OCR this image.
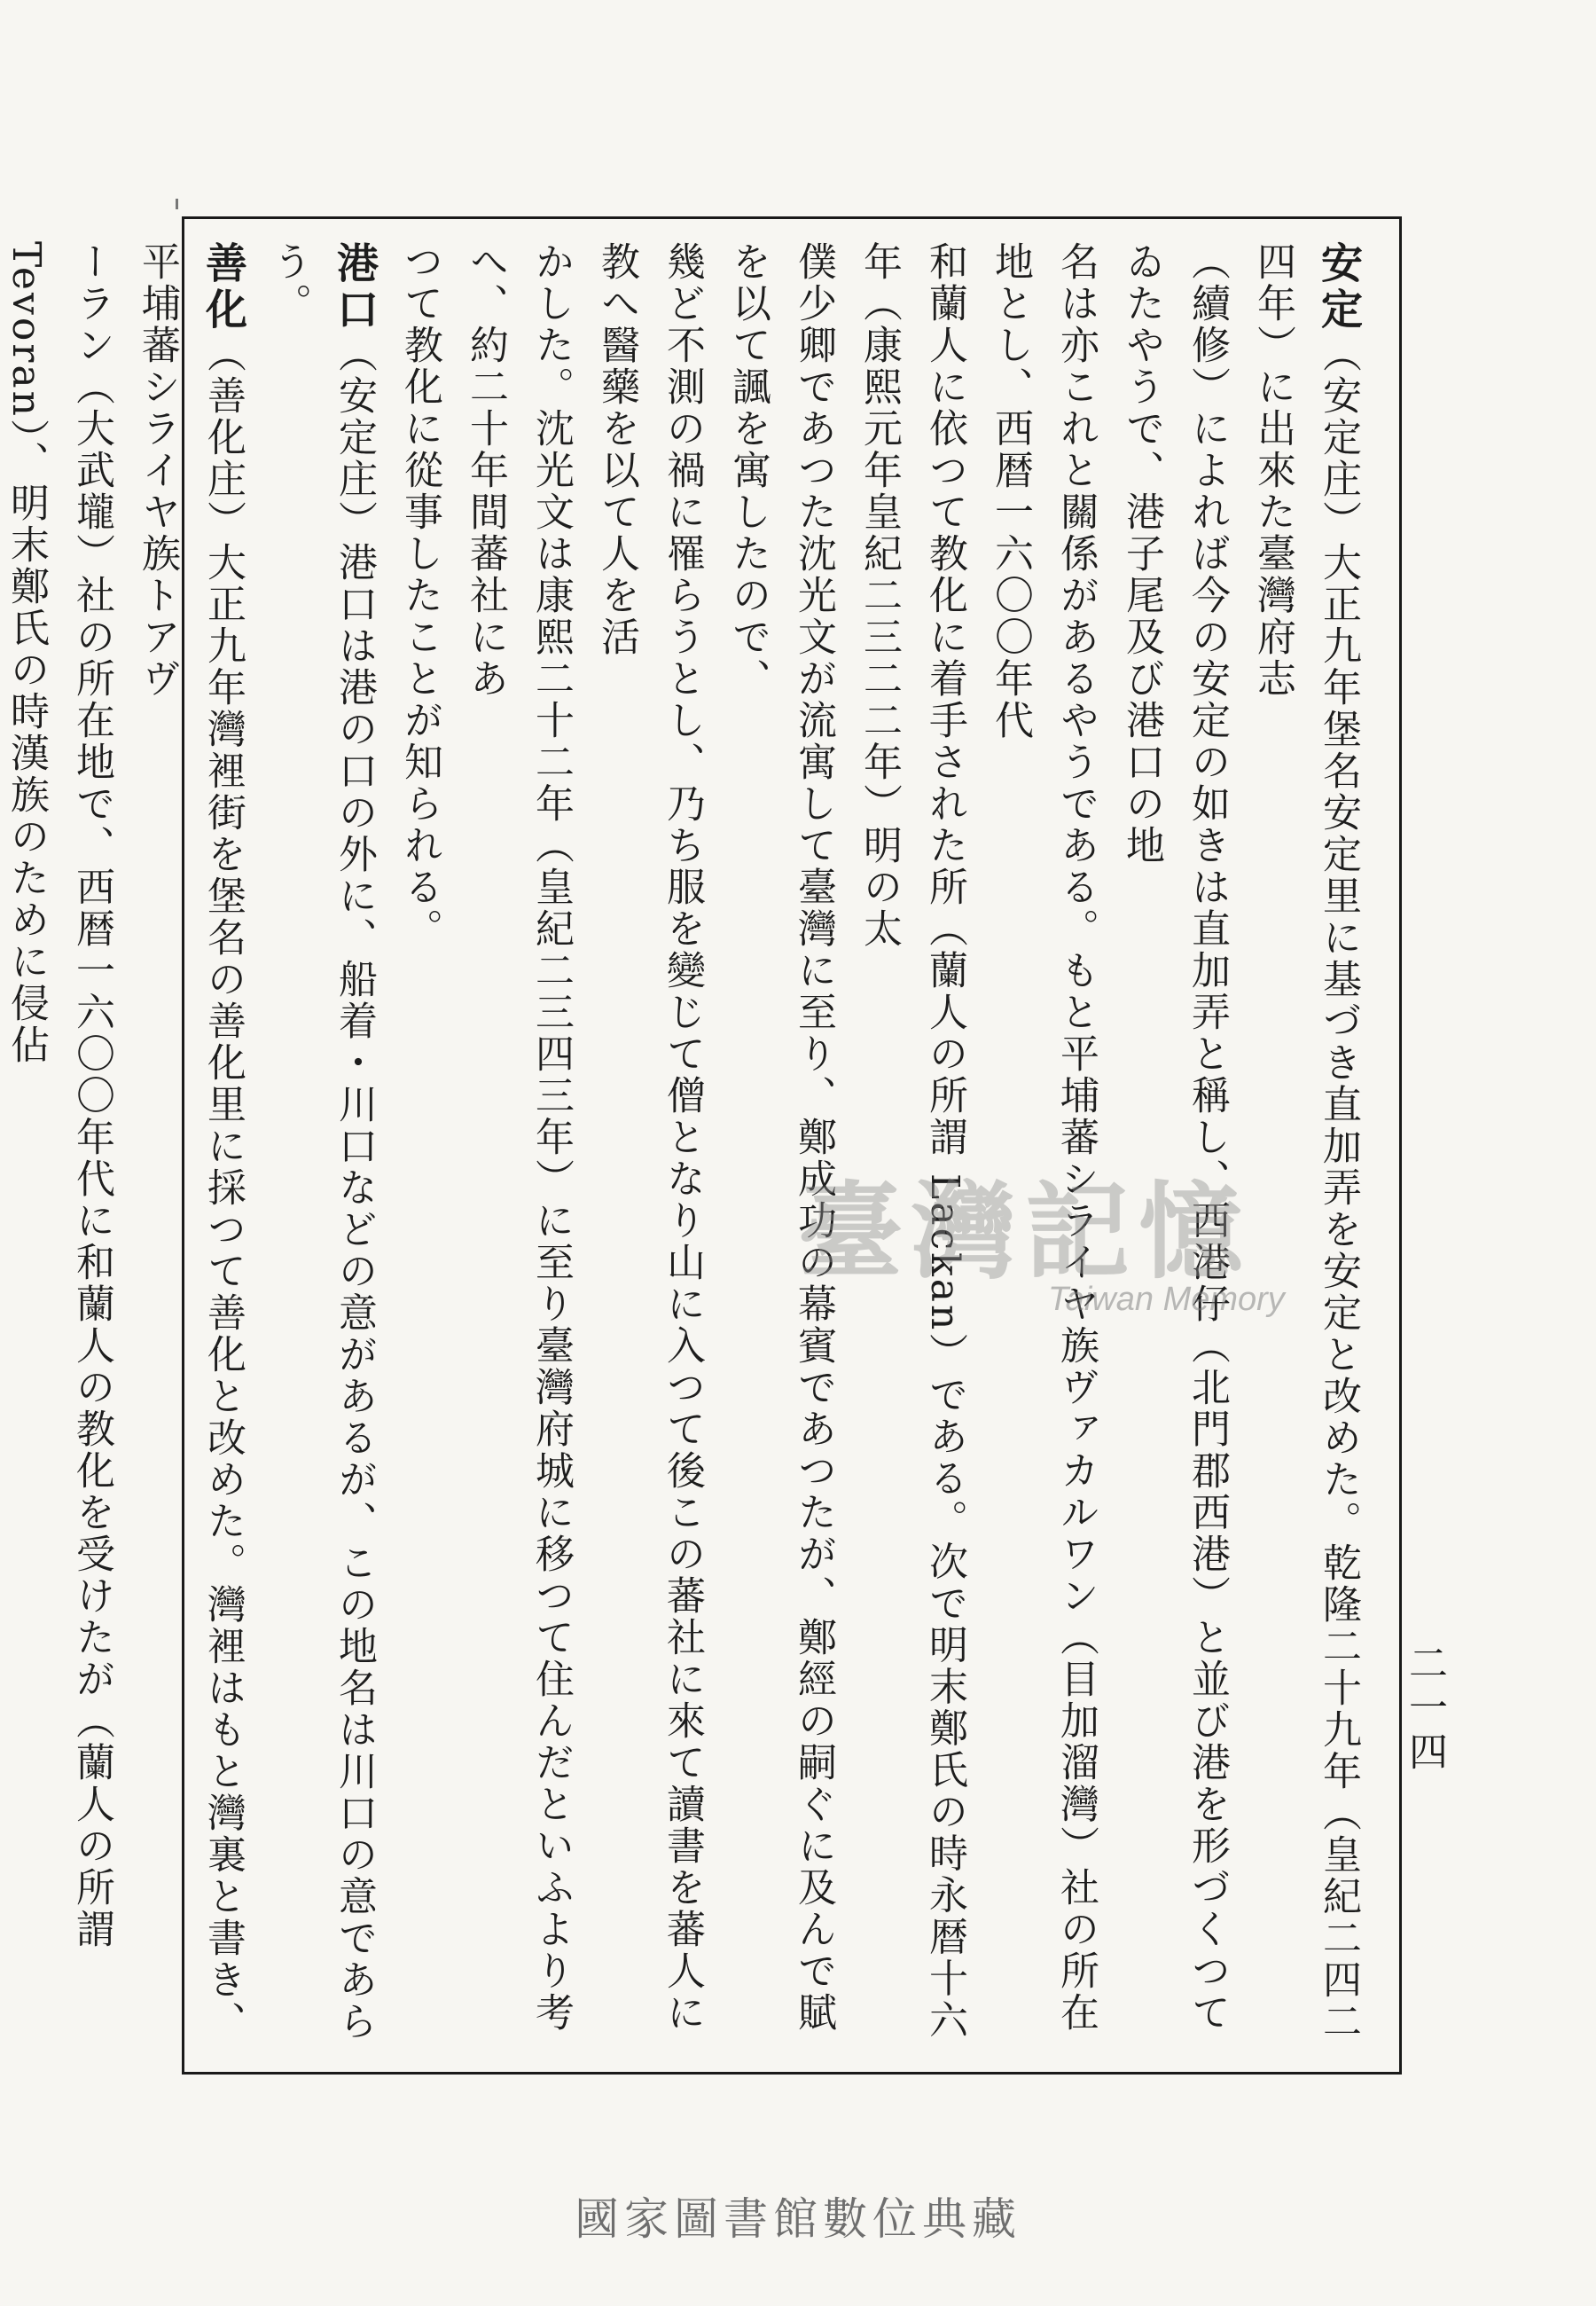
二一四

安定（安定庄）大正九年堡名安定里に基づき直加弄を安定と改めた。乾隆二十九年（皇紀二四二四年）に出來た臺灣府志

（續修）によれば今の安定の如きは直加弄と稱し、西港仔（北門郡西港）と並び港を形づくつてゐたやうで、港子尾及び港口の地

名は亦これと關係があるやうである。もと平埔蕃シライヤ族ヴァカルワン（目加溜灣）社の所在地とし、西暦一六〇〇年代

和蘭人に依つて教化に着手された所（蘭人の所謂 Lackan）である。次で明末鄭氏の時永暦十六年（康熙元年皇紀二三二二年）明の太

僕少卿であつた沈光文が流寓して臺灣に至り、鄭成功の幕賓であつたが、鄭經の嗣ぐに及んで賦を以て諷を寓したので、

幾ど不測の禍に罹らうとし、乃ち服を變じて僧となり山に入つて後この蕃社に來て讀書を蕃人に教へ醫藥を以て人を活

かした。沈光文は康熙二十二年（皇紀二三四三年）に至り臺灣府城に移つて住んだといふより考へ、約二十年間蕃社にあ

つて教化に從事したことが知られる。

港口（安定庄）港口は港の口の外に、船着・川口などの意があるが、この地名は川口の意であらう。

善化（善化庄）大正九年灣裡街を堡名の善化里に採つて善化と改めた。灣裡はもと灣裏と書き、平埔蕃シライヤ族トアヴ

ーラン（大武壠）社の所在地で、西暦一六〇〇年代に和蘭人の教化を受けたが（蘭人の所謂 Tevoran）、明末鄭氏の時漢族のために侵佔

臺灣記憶
Taiwan Memory
國家圖書館數位典藏
